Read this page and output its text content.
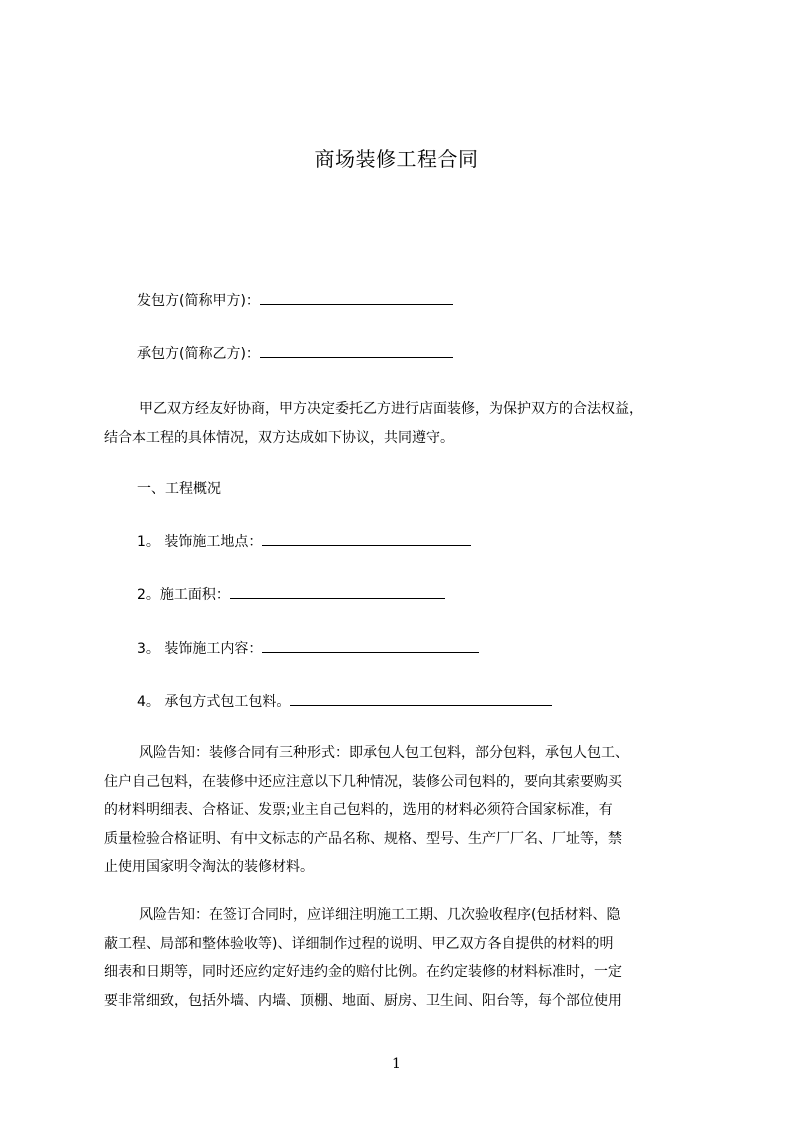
商场装修工程合同
发包方(简称甲方)：
承包方(简称乙方)：
甲乙双方经友好协商，甲方决定委托乙方进行店面装修，为保护双方的合法权益，
结合本工程的具体情况，双方达成如下协议，共同遵守。
一、工程概况
1。 装饰施工地点：
2。施工面积：
3。 装饰施工内容：
4。 承包方式包工包料。
风险告知：装修合同有三种形式：即承包人包工包料，部分包料，承包人包工、
住户自己包料，在装修中还应注意以下几种情况，装修公司包料的，要向其索要购买
的材料明细表、合格证、发票;业主自己包料的，选用的材料必须符合国家标准，有
质量检验合格证明、有中文标志的产品名称、规格、型号、生产厂厂名、厂址等，禁
止使用国家明令淘汰的装修材料。
风险告知：在签订合同时，应详细注明施工工期、几次验收程序(包括材料、隐
蔽工程、局部和整体验收等)、详细制作过程的说明、甲乙双方各自提供的材料的明
细表和日期等，同时还应约定好违约金的赔付比例。在约定装修的材料标准时，一定
要非常细致，包括外墙、内墙、顶棚、地面、厨房、卫生间、阳台等，每个部位使用
1
